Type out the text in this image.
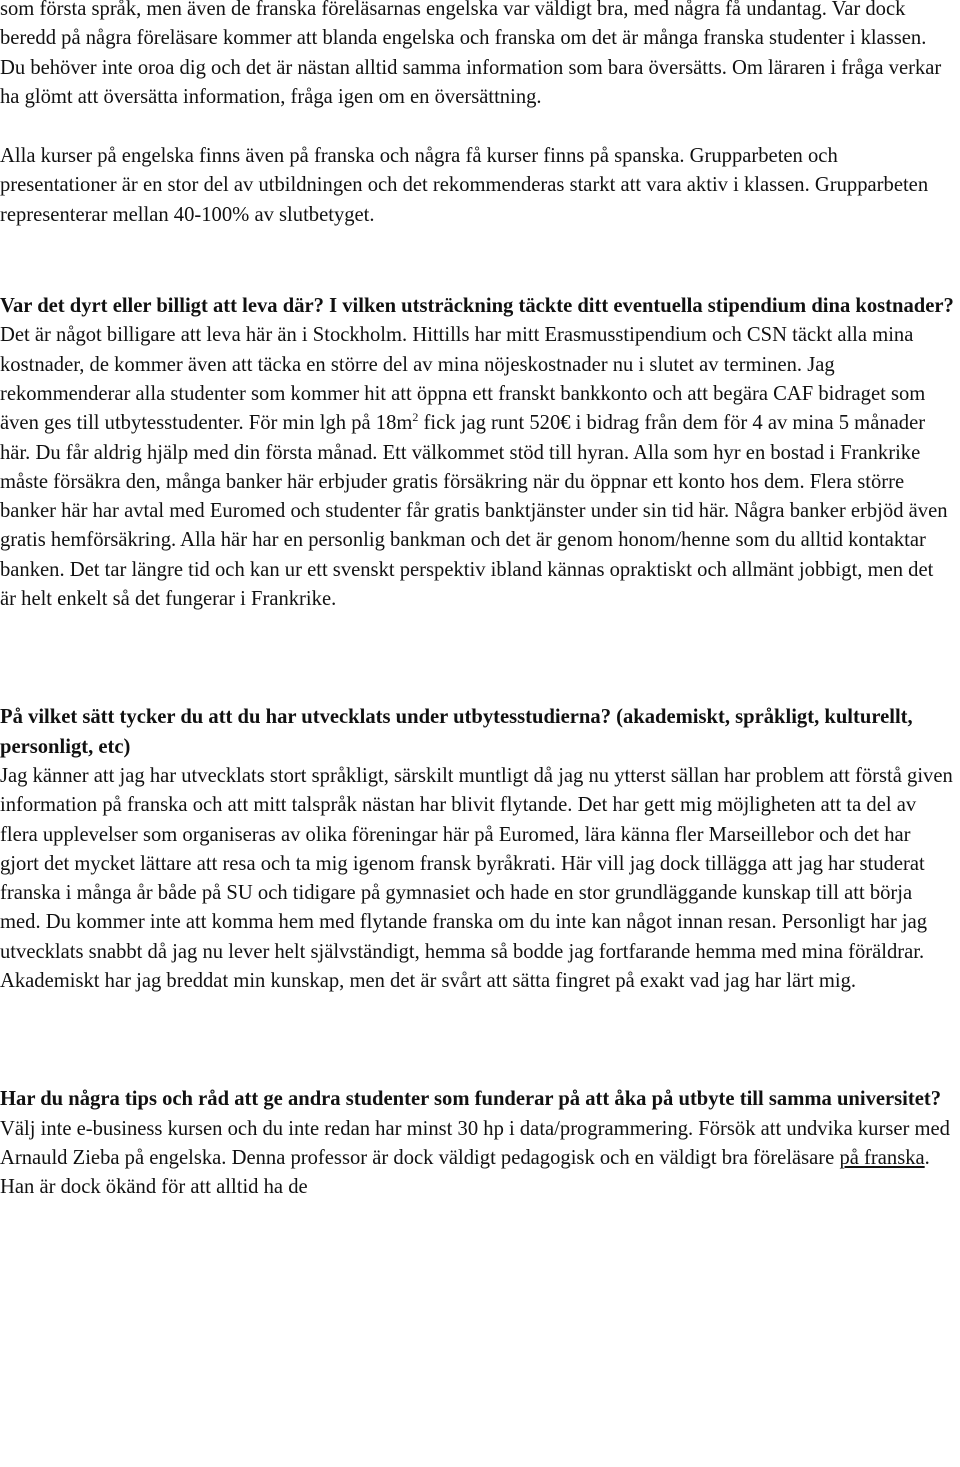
som första språk, men även de franska föreläsarnas engelska var väldigt bra, med några få undantag. Var dock beredd på några föreläsare kommer att blanda engelska och franska om det är många franska studenter i klassen. Du behöver inte oroa dig och det är nästan alltid samma information som bara översätts. Om läraren i fråga verkar ha glömt att översätta information, fråga igen om en översättning.

Alla kurser på engelska finns även på franska och några få kurser finns på spanska. Grupparbeten och presentationer är en stor del av utbildningen och det rekommenderas starkt att vara aktiv i klassen. Grupparbeten representerar mellan 40-100% av slutbetyget.

Var det dyrt eller billigt att leva där? I vilken utsträckning täckte ditt eventuella stipendium dina kostnader?

Det är något billigare att leva här än i Stockholm. Hittills har mitt Erasmusstipendium och CSN täckt alla mina kostnader, de kommer även att täcka en större del av mina nöjeskostnader nu i slutet av terminen. Jag rekommenderar alla studenter som kommer hit att öppna ett franskt bankkonto och att begära CAF bidraget som även ges till utbytesstudenter. För min lgh på $18m^2$ fick jag runt 520€ i bidrag från dem för 4 av mina 5 månader här. Du får aldrig hjälp med din första månad. Ett välkommet stöd till hyran. Alla som hyr en bostad i Frankrike måste försäkra den, många banker här erbjuder gratis försäkring när du öppnar ett konto hos dem. Flera större banker här har avtal med Euromed och studenter får gratis banktjänster under sin tid här. Några banker erbjöd även gratis hemförsäkring. Alla här har en personlig bankman och det är genom honom/henne som du alltid kontaktar banken. Det tar längre tid och kan ur ett svenskt perspektiv ibland kännas opraktiskt och allmänt jobbigt, men det är helt enkelt så det fungerar i Frankrike.

På vilket sätt tycker du att du har utvecklats under utbytesstudierna? (akademiskt, språkligt, kulturellt, personligt, etc)

Jag känner att jag har utvecklats stort språkligt, särskilt muntligt då jag nu ytterst sällan har problem att förstå given information på franska och att mitt talspråk nästan har blivit flytande. Det har gett mig möjligheten att ta del av flera upplevelser som organiseras av olika föreningar här på Euromed, lära känna fler Marseillebor och det har gjort det mycket lättare att resa och ta mig igenom fransk byråkrati. Här vill jag dock tillägga att jag har studerat franska i många år både på SU och tidigare på gymnasiet och hade en stor grundläggande kunskap till att börja med. Du kommer inte att komma hem med flytande franska om du inte kan något innan resan. Personligt har jag utvecklats snabbt då jag nu lever helt självständigt, hemma så bodde jag fortfarande hemma med mina föräldrar. Akademiskt har jag breddat min kunskap, men det är svårt att sätta fingret på exakt vad jag har lärt mig.

Har du några tips och råd att ge andra studenter som funderar på att åka på utbyte till samma universitet?

Välj inte e-business kursen och du inte redan har minst 30 hp i data/programmering. Försök att undvika kurser med Arnauld Zieba på engelska. Denna professor är dock väldigt pedagogisk och en väldigt bra föreläsare på franska. Han är dock ökänd för att alltid ha de
